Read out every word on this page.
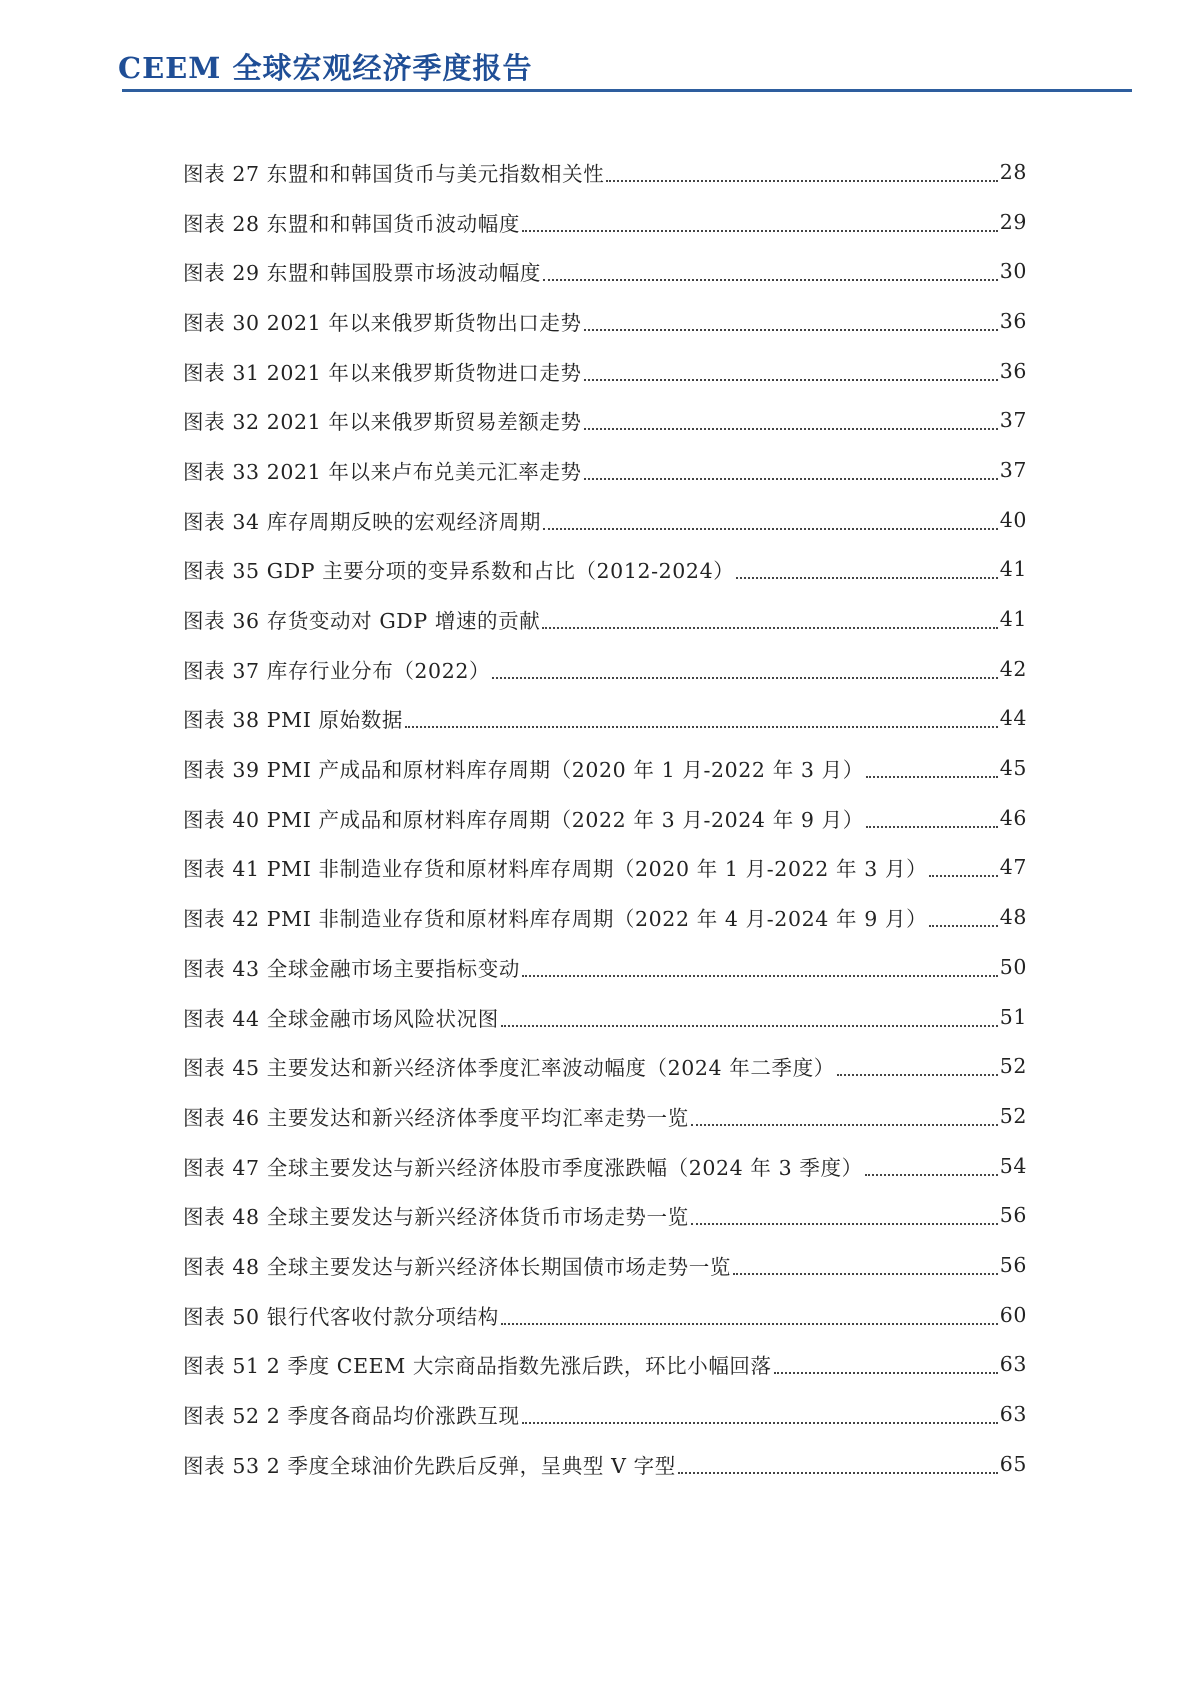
CEEM 全球宏观经济季度报告
图表 27 东盟和和韩国货币与美元指数相关性	28
图表 28 东盟和和韩国货币波动幅度	29
图表 29 东盟和韩国股票市场波动幅度	30
图表 30 2021 年以来俄罗斯货物出口走势	36
图表 31 2021 年以来俄罗斯货物进口走势	36
图表 32 2021 年以来俄罗斯贸易差额走势	37
图表 33 2021 年以来卢布兑美元汇率走势	37
图表 34 库存周期反映的宏观经济周期	40
图表 35 GDP 主要分项的变异系数和占比（2012-2024）	41
图表 36 存货变动对 GDP 增速的贡献	41
图表 37 库存行业分布（2022）	42
图表 38 PMI 原始数据	44
图表 39 PMI 产成品和原材料库存周期（2020 年 1 月-2022 年 3 月）	45
图表 40 PMI 产成品和原材料库存周期（2022 年 3 月-2024 年 9 月）	46
图表 41 PMI 非制造业存货和原材料库存周期（2020 年 1 月-2022 年 3 月）	47
图表 42 PMI 非制造业存货和原材料库存周期（2022 年 4 月-2024 年 9 月）	48
图表 43 全球金融市场主要指标变动	50
图表 44 全球金融市场风险状况图	51
图表 45 主要发达和新兴经济体季度汇率波动幅度（2024 年二季度）	52
图表 46 主要发达和新兴经济体季度平均汇率走势一览	52
图表 47 全球主要发达与新兴经济体股市季度涨跌幅（2024 年 3 季度）	54
图表 48 全球主要发达与新兴经济体货币市场走势一览	56
图表 48 全球主要发达与新兴经济体长期国债市场走势一览	56
图表 50 银行代客收付款分项结构	60
图表 51 2 季度 CEEM 大宗商品指数先涨后跌，环比小幅回落	63
图表 52 2 季度各商品均价涨跌互现	63
图表 53 2 季度全球油价先跌后反弹，呈典型 V 字型	65
